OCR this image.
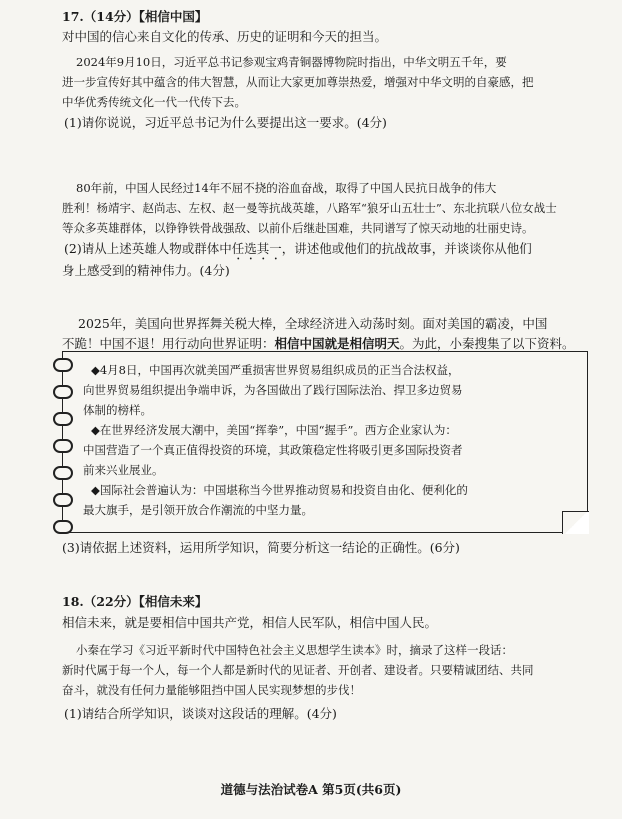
17.（14分）【相信中国】
对中国的信心来自文化的传承、历史的证明和今天的担当。
2024年9月10日，习近平总书记参观宝鸡青铜器博物院时指出，中华文明五千年，要
进一步宣传好其中蕴含的伟大智慧，从而让大家更加尊崇热爱，增强对中华文明的自豪感，把
中华优秀传统文化一代一代传下去。
(1)请你说说，习近平总书记为什么要提出这一要求。(4分)
80年前，中国人民经过14年不屈不挠的浴血奋战，取得了中国人民抗日战争的伟大
胜利！杨靖宇、赵尚志、左权、赵一曼等抗战英雄，八路军“狼牙山五壮士”、东北抗联八位女战士
等众多英雄群体，以铮铮铁骨战强敌、以前仆后继赴国难，共同谱写了惊天动地的壮丽史诗。
(2)请从上述英雄人物或群体中任选其一，讲述他或他们的抗战故事，并谈谈你从他们
身上感受到的精神伟力。(4分)
2025年，美国向世界挥舞关税大棒，全球经济进入动荡时刻。面对美国的霸凌，中国
不跪！中国不退！用行动向世界证明：相信中国就是相信明天。为此，小秦搜集了以下资料。
◆4月8日，中国再次就美国严重损害世界贸易组织成员的正当合法权益，
向世界贸易组织提出争端申诉，为各国做出了践行国际法治、捍卫多边贸易
体制的榜样。
◆在世界经济发展大潮中，美国“挥拳”，中国“握手”。西方企业家认为：
中国营造了一个真正值得投资的环境，其政策稳定性将吸引更多国际投资者
前来兴业展业。
◆国际社会普遍认为：中国堪称当今世界推动贸易和投资自由化、便利化的
最大旗手，是引领开放合作潮流的中坚力量。
(3)请依据上述资料，运用所学知识，简要分析这一结论的正确性。(6分)
18.（22分）【相信未来】
相信未来，就是要相信中国共产党，相信人民军队，相信中国人民。
小秦在学习《习近平新时代中国特色社会主义思想学生读本》时，摘录了这样一段话：
新时代属于每一个人，每一个人都是新时代的见证者、开创者、建设者。只要精诚团结、共同
奋斗，就没有任何力量能够阻挡中国人民实现梦想的步伐！
(1)请结合所学知识，谈谈对这段话的理解。(4分)
道德与法治试卷A 第5页(共6页)
